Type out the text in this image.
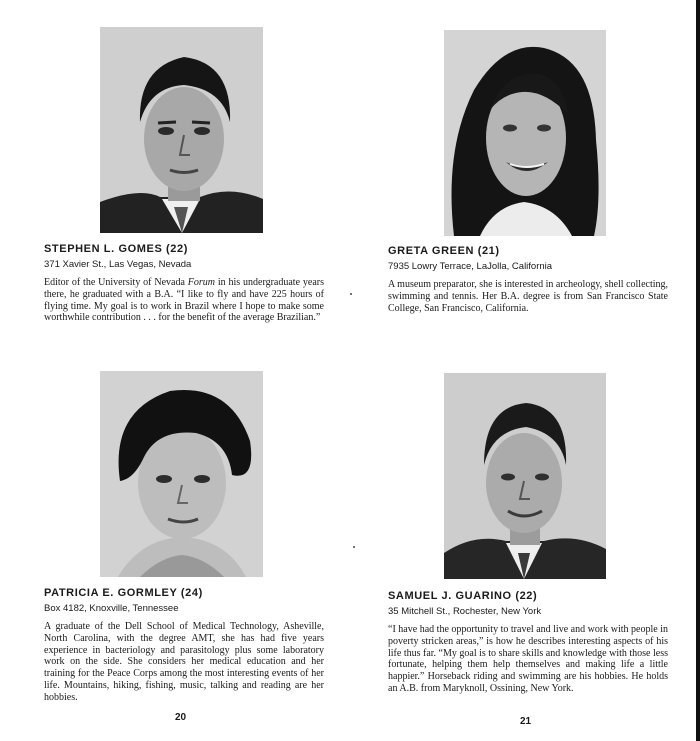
STEPHEN L. GOMES (22)

371 Xavier St., Las Vegas, Nevada

Editor of the University of Nevada Forum in his undergraduate years there, he graduated with a B.A. “I like to fly and have 225 hours of flying time. My goal is to work in Brazil where I hope to make some worthwhile contribution . . . for the benefit of the average Brazilian.”

GRETA GREEN (21)

7935 Lowry Terrace, LaJolla, California

A museum preparator, she is interested in archeology, shell collecting, swimming and tennis. Her B.A. degree is from San Francisco State College, San Francisco, California.

PATRICIA E. GORMLEY (24)

Box 4182, Knoxville, Tennessee

A graduate of the Dell School of Medical Technology, Asheville, North Carolina, with the degree AMT, she has had five years experience in bacteriology and parasitology plus some laboratory work on the side. She considers her medical education and her training for the Peace Corps among the most interesting events of her life. Mountains, hiking, fishing, music, talking and reading are her hobbies.

SAMUEL J. GUARINO (22)

35 Mitchell St., Rochester, New York

“I have had the opportunity to travel and live and work with people in poverty stricken areas,” is how he describes interesting aspects of his life thus far. “My goal is to share skills and knowledge with those less fortunate, helping them help themselves and making life a little happier.” Horseback riding and swimming are his hobbies. He holds an A.B. from Maryknoll, Ossining, New York.

20	21
